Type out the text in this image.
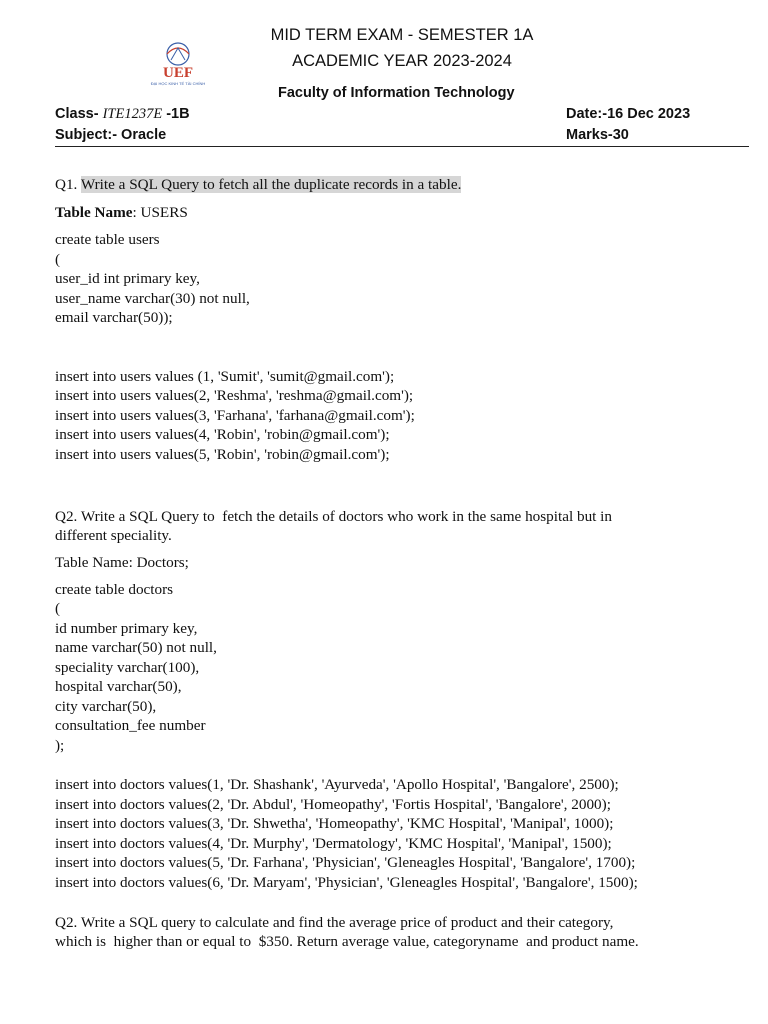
MID TERM EXAM - SEMESTER 1A
ACADEMIC YEAR 2023-2024
UEF
ĐẠI HỌC KINH TẾ TÀI CHÍNH
Faculty of Information Technology
Class- ITE1237E -1B
Subject:- Oracle
Date:-16 Dec 2023
Marks-30
Q1. Write a SQL Query to fetch all the duplicate records in a table.
Table Name: USERS
create table users
(
user_id int primary key,
user_name varchar(30) not null,
email varchar(50));
insert into users values (1, 'Sumit', 'sumit@gmail.com');
insert into users values(2, 'Reshma', 'reshma@gmail.com');
insert into users values(3, 'Farhana', 'farhana@gmail.com');
insert into users values(4, 'Robin', 'robin@gmail.com');
insert into users values(5, 'Robin', 'robin@gmail.com');
Q2. Write a SQL Query to  fetch the details of doctors who work in the same hospital but in
different speciality.
Table Name: Doctors;
create table doctors
(
id number primary key,
name varchar(50) not null,
speciality varchar(100),
hospital varchar(50),
city varchar(50),
consultation_fee number
);
insert into doctors values(1, 'Dr. Shashank', 'Ayurveda', 'Apollo Hospital', 'Bangalore', 2500);
insert into doctors values(2, 'Dr. Abdul', 'Homeopathy', 'Fortis Hospital', 'Bangalore', 2000);
insert into doctors values(3, 'Dr. Shwetha', 'Homeopathy', 'KMC Hospital', 'Manipal', 1000);
insert into doctors values(4, 'Dr. Murphy', 'Dermatology', 'KMC Hospital', 'Manipal', 1500);
insert into doctors values(5, 'Dr. Farhana', 'Physician', 'Gleneagles Hospital', 'Bangalore', 1700);
insert into doctors values(6, 'Dr. Maryam', 'Physician', 'Gleneagles Hospital', 'Bangalore', 1500);
Q2. Write a SQL query to calculate and find the average price of product and their category,
which is  higher than or equal to  $350. Return average value, categoryname  and product name.
